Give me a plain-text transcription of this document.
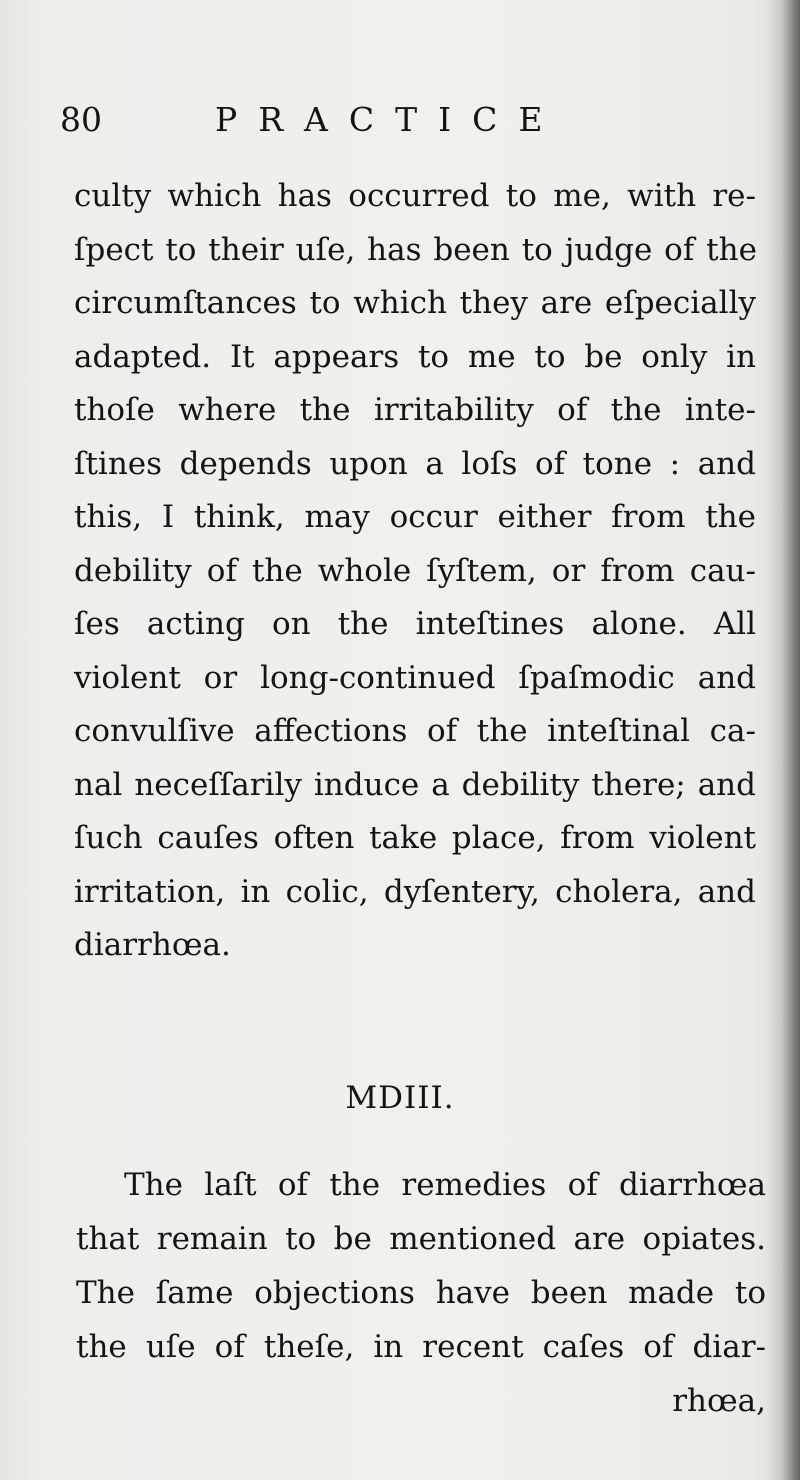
80	PRACTICE
culty which has occurred to me, with re-
ſpect to their uſe, has been to judge of the
circumſtances to which they are eſpecially
adapted. It appears to me to be only in
thoſe where the irritability of the inte-
ſtines depends upon a loſs of tone : and
this, I think, may occur either from the
debility of the whole ſyſtem, or from cau-
ſes acting on the inteſtines alone. All
violent or long-continued ſpaſmodic and
convulſive affections of the inteſtinal ca-
nal neceſſarily induce a debility there; and
ſuch cauſes often take place, from violent
irritation, in colic, dyſentery, cholera, and
diarrhœa.
MDIII.
The laſt of the remedies of diarrhœa
that remain to be mentioned are opiates.
The ſame objections have been made to
the uſe of theſe, in recent caſes of diar-
rhœa,
